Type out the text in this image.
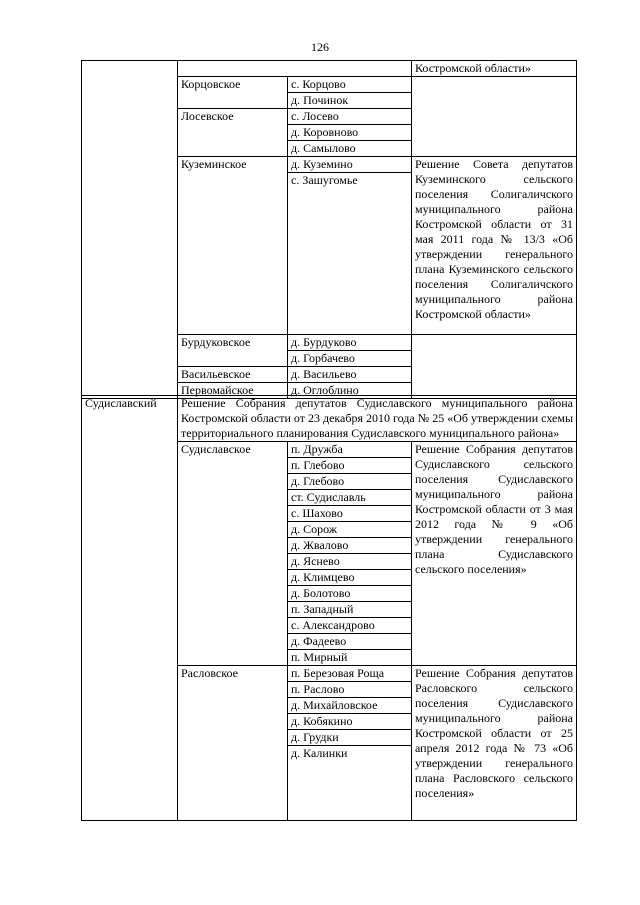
126
			Костромской области»
	Корцовское	с. Корцово	
		д. Починок	
	Лосевское	с. Лосево	
		д. Коровново	
		д. Самылово	
	Куземинское	д. Куземино	Решение Совета депутатов Куземинского сельского поселения Солигаличского муниципального района Костромской области от 31 мая 2011 года № 13/3 «Об утверждении генерального плана Куземинского сельского поселения Солигаличского муниципального района Костромской области»
		с. Зашугомье	
	Бурдуковское	д. Бурдуково	
		д. Горбачево	
	Васильевское	д. Васильево	
	Первомайское	д. Оглоблино	
Судиславский	Решение Собрания депутатов Судиславского муниципального района Костромской области от 23 декабря 2010 года № 25 «Об утверждении схемы территориального планирования Судиславского муниципального района»		
	Судиславское	п. Дружба	Решение Собрания депутатов Судиславского сельского поселения Судиславского муниципального района Костромской области от 3 мая 2012 года № 9 «Об утверждении генерального плана Судиславского сельского поселения»
		п. Глебово	
		д. Глебово	
		ст. Судиславль	
		с. Шахово	
		д. Сорож	
		д. Жвалово	
		д. Яснево	
		д. Климцево	
		д. Болотово	
		п. Западный	
		с. Александрово	
		д. Фадеево	
		п. Мирный	
	Расловское	п. Березовая Роща	Решение Собрания депутатов Расловского сельского поселения Судиславского муниципального района Костромской области от 25 апреля 2012 года № 73 «Об утверждении генерального плана Расловского сельского поселения»
		п. Раслово	
		д. Михайловское	
		д. Кобякино	
		д. Грудки	
		д. Калинки	
